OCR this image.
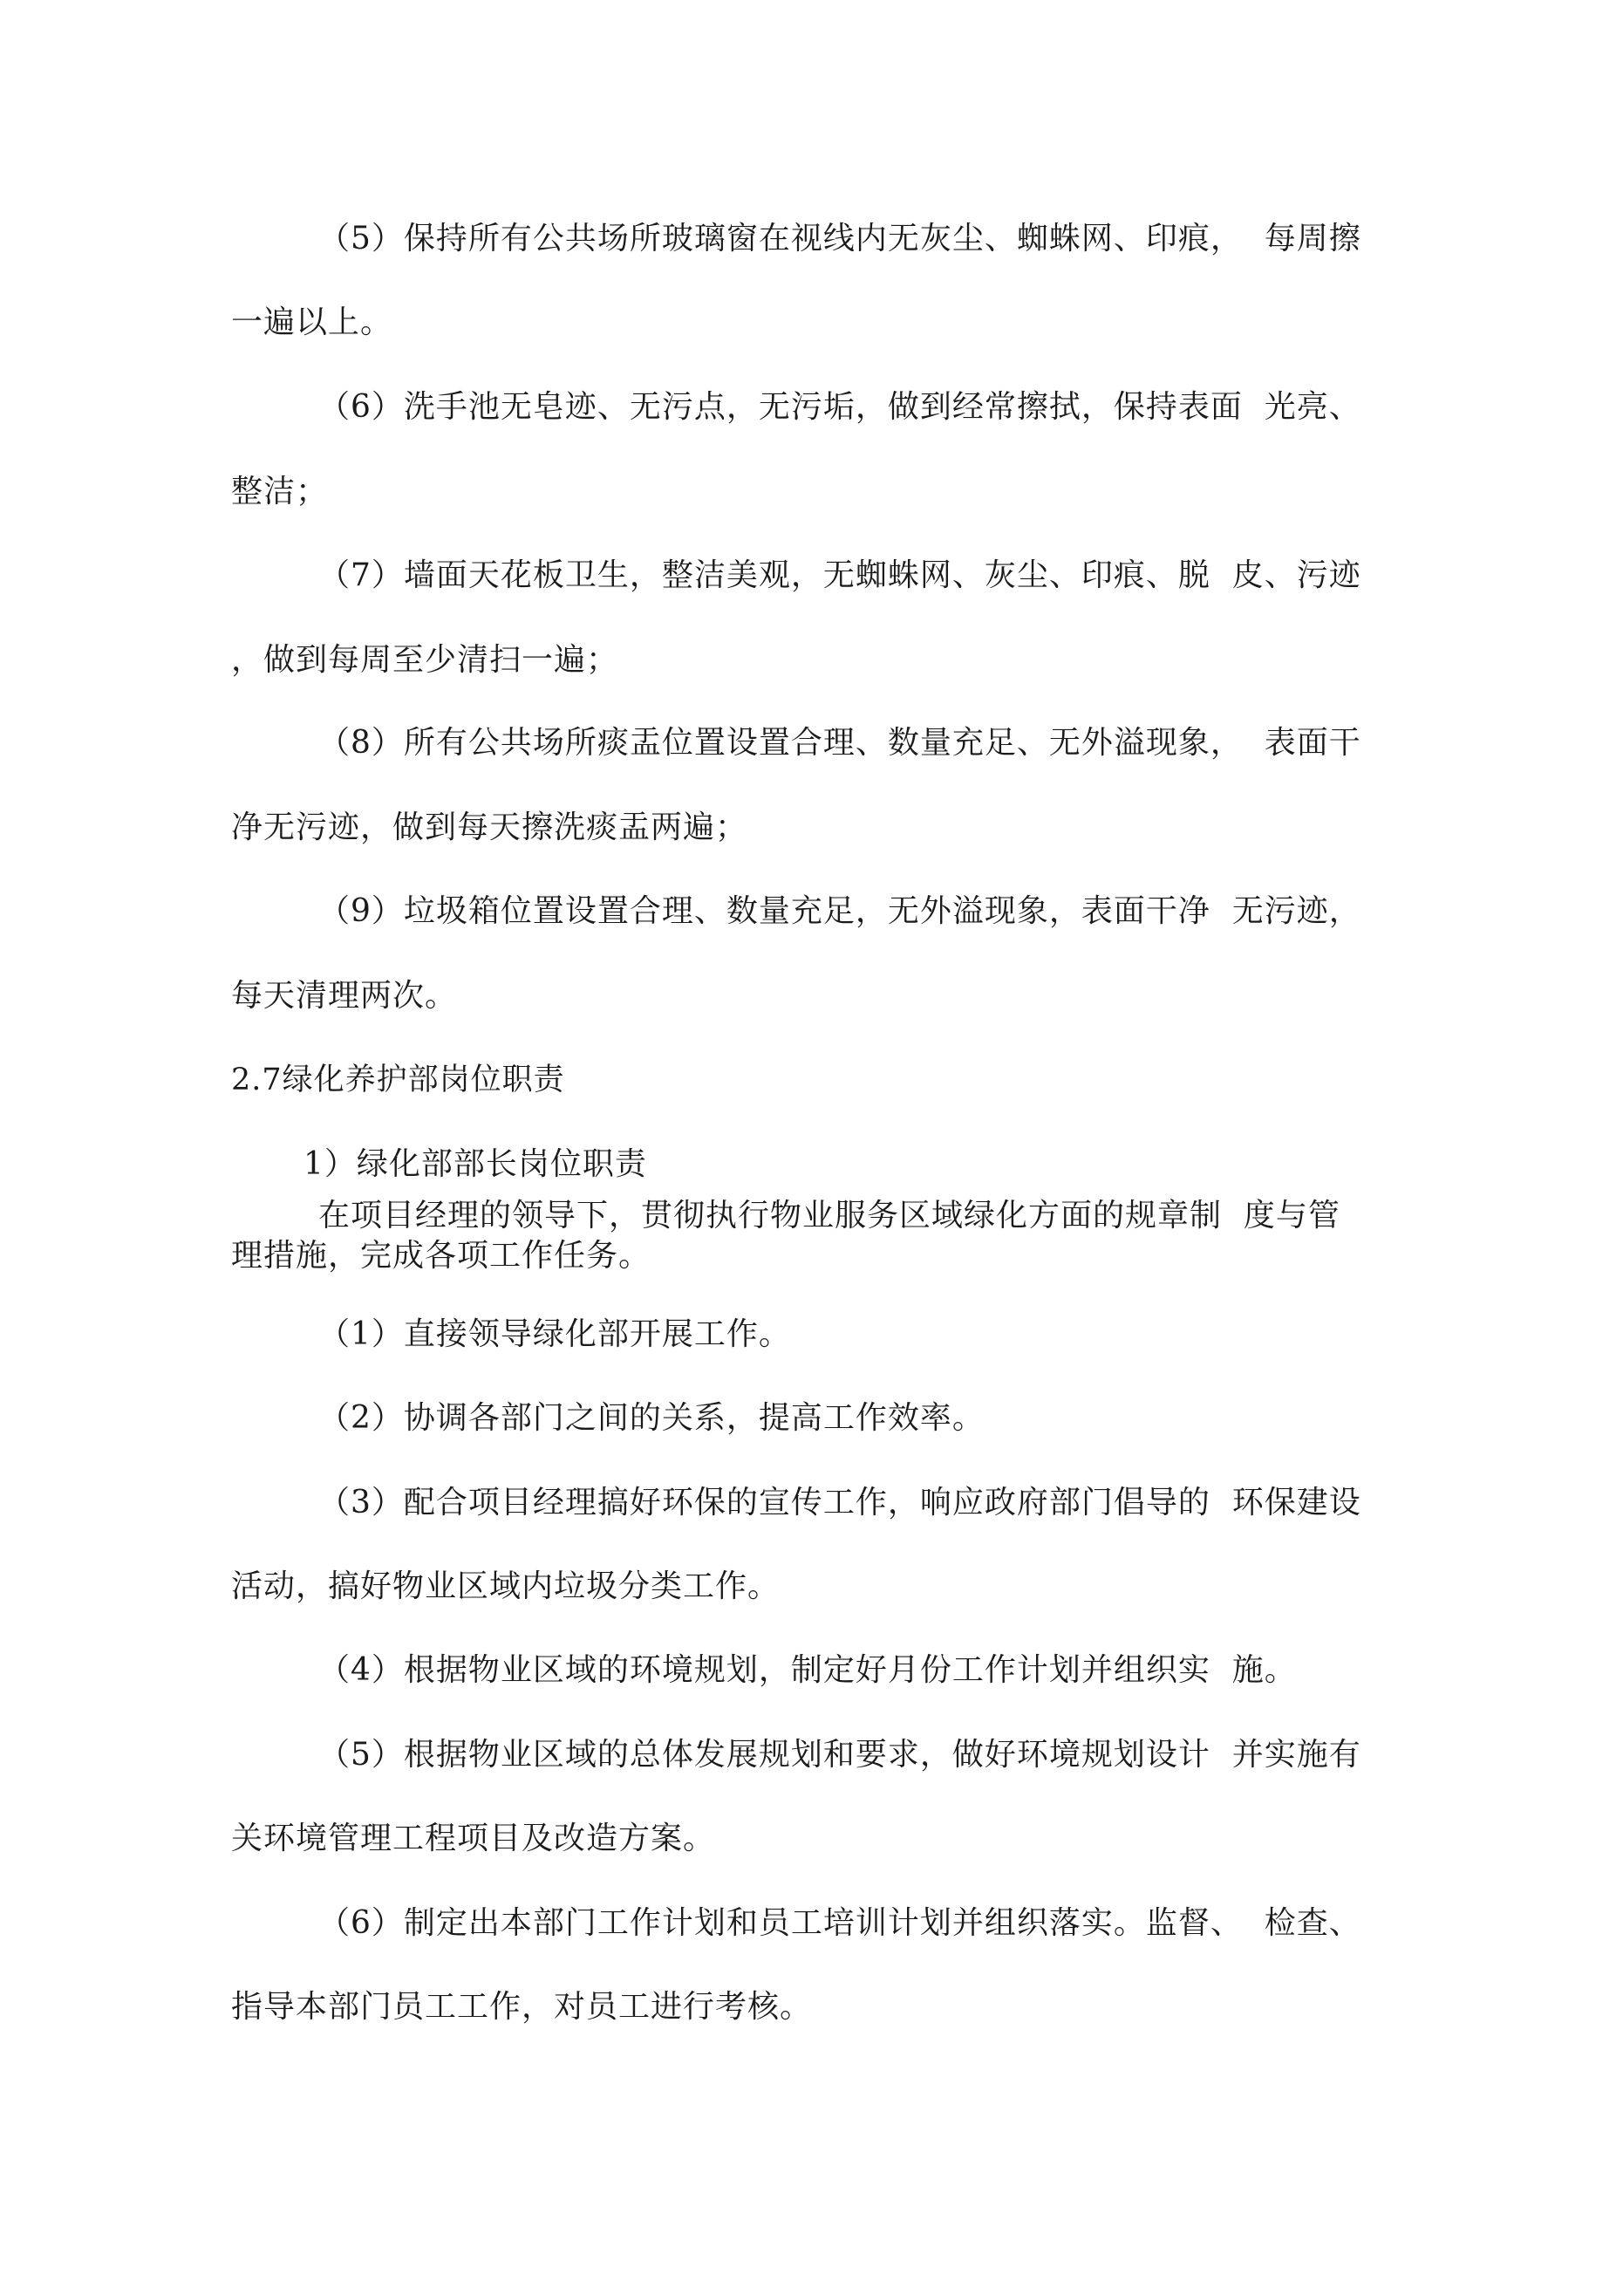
（5）保持所有公共场所玻璃窗在视线内无灰尘、蜘蛛网、印痕，  每周擦
一遍以上。
（6）洗手池无皂迹、无污点，无污垢，做到经常擦拭，保持表面  光亮、
整洁；
（7）墙面天花板卫生，整洁美观，无蜘蛛网、灰尘、印痕、脱  皮、污迹
，做到每周至少清扫一遍；
（8）所有公共场所痰盂位置设置合理、数量充足、无外溢现象，  表面干
净无污迹，做到每天擦洗痰盂两遍；
（9）垃圾箱位置设置合理、数量充足，无外溢现象，表面干净  无污迹，
每天清理两次。
2.7绿化养护部岗位职责
1）绿化部部长岗位职责
在项目经理的领导下，贯彻执行物业服务区域绿化方面的规章制  度与管
理措施，完成各项工作任务。
（1）直接领导绿化部开展工作。
（2）协调各部门之间的关系，提高工作效率。
（3）配合项目经理搞好环保的宣传工作，响应政府部门倡导的  环保建设
活动，搞好物业区域内垃圾分类工作。
（4）根据物业区域的环境规划，制定好月份工作计划并组织实  施。
（5）根据物业区域的总体发展规划和要求，做好环境规划设计  并实施有
关环境管理工程项目及改造方案。
（6）制定出本部门工作计划和员工培训计划并组织落实。监督、  检查、
指导本部门员工工作，对员工进行考核。
